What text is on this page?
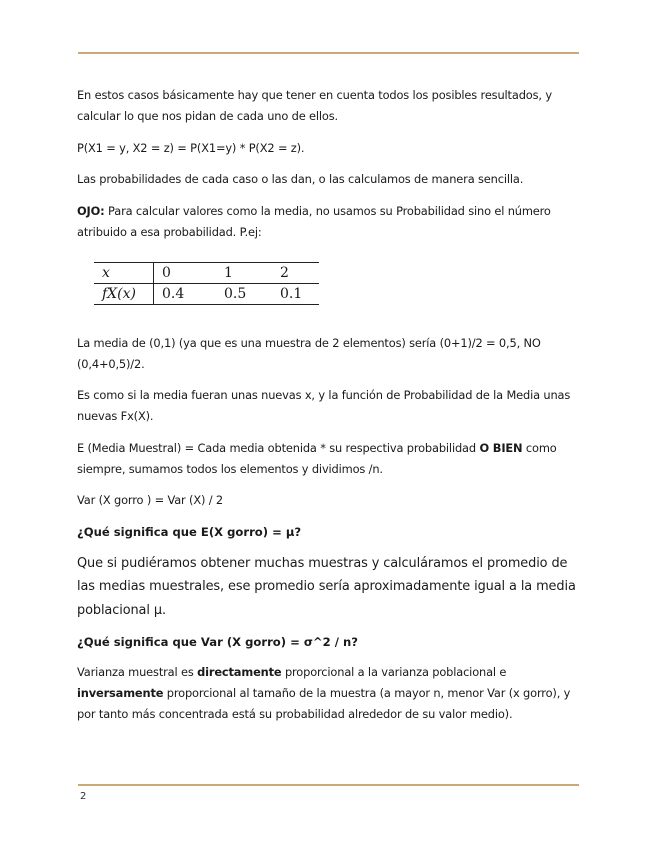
En estos casos básicamente hay que tener en cuenta todos los posibles resultados, y calcular lo que nos pidan de cada uno de ellos.

P(X1 = y, X2 = z) = P(X1=y) * P(X2 = z).

Las probabilidades de cada caso o las dan, o las calculamos de manera sencilla.

OJO: Para calcular valores como la media, no usamos su Probabilidad sino el número atribuido a esa probabilidad. P.ej:

x	0	1	2
fX(x)	0.4	0.5	0.1

La media de (0,1) (ya que es una muestra de 2 elementos) sería (0+1)/2 = 0,5, NO (0,4+0,5)/2.

Es como si la media fueran unas nuevas x, y la función de Probabilidad de la Media unas nuevas Fx(X).

E (Media Muestral) = Cada media obtenida * su respectiva probabilidad O BIEN como siempre, sumamos todos los elementos y dividimos /n.

Var (X gorro ) = Var (X) / 2

¿Qué significa que E(X gorro) = μ?

Que si pudiéramos obtener muchas muestras y calculáramos el promedio de las medias muestrales, ese promedio sería aproximadamente igual a la media poblacional μ.

¿Qué significa que Var (X gorro) = σ^2 / n?

Varianza muestral es directamente proporcional a la varianza poblacional e inversamente proporcional al tamaño de la muestra (a mayor n, menor Var (x gorro), y por tanto más concentrada está su probabilidad alrededor de su valor medio).

2
